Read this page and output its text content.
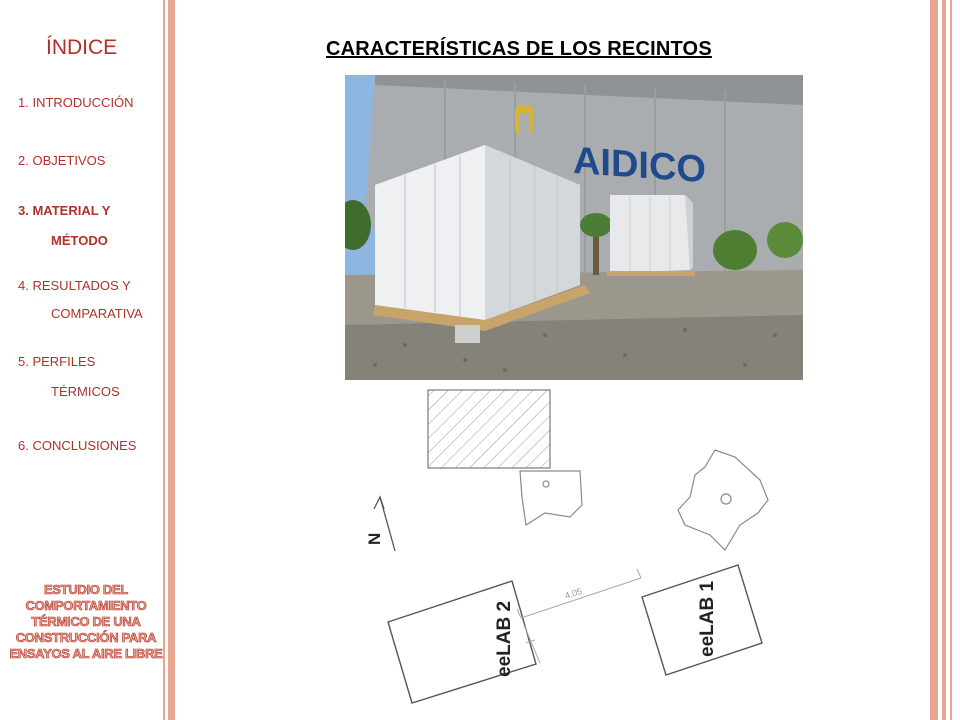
ÍNDICE
1. INTRODUCCIÓN
2. OBJETIVOS
3. MATERIAL Y
MÉTODO
4. RESULTADOS Y
COMPARATIVA
5. PERFILES
TÉRMICOS
6. CONCLUSIONES
ESTUDIO DEL COMPORTAMIENTO TÉRMICO DE UNA CONSTRUCCIÓN PARA ENSAYOS AL AIRE LIBRE
CARACTERÍSTICAS DE LOS RECINTOS
AIDICO
N
eeLAB 2	eeLAB 1
4,05
